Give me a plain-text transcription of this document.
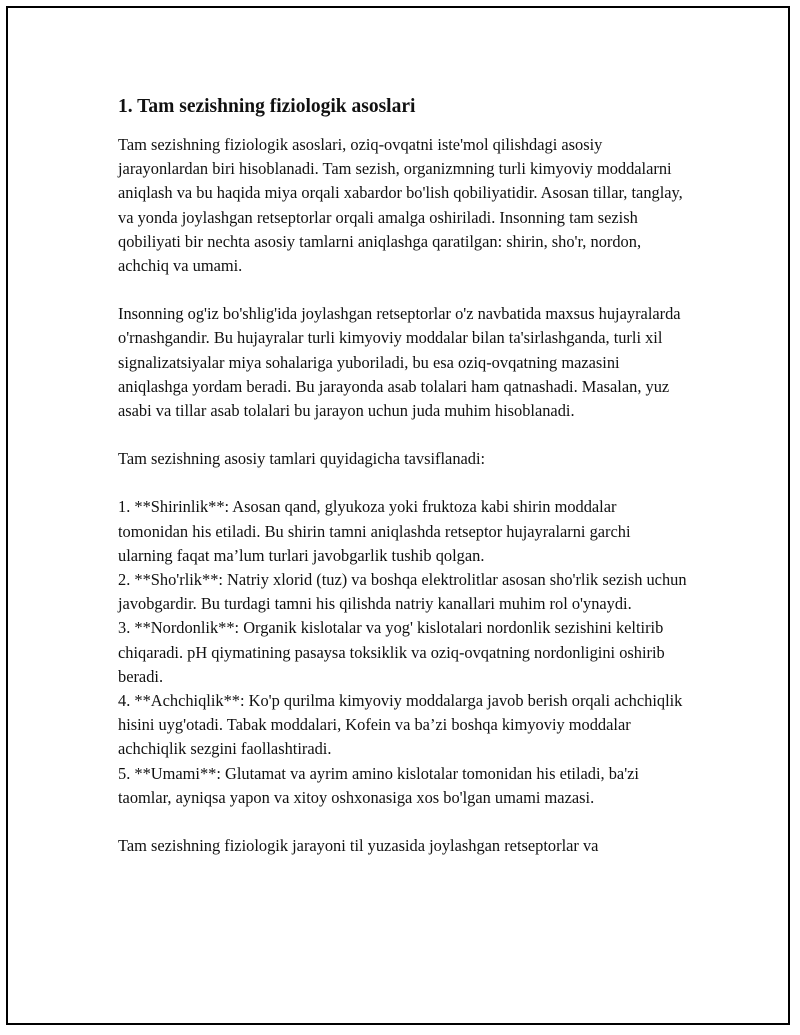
1. Tam sezishning fiziologik asoslari

Tam sezishning fiziologik asoslari, oziq-ovqatni iste'mol qilishdagi asosiy jarayonlardan biri hisoblanadi. Tam sezish, organizmning turli kimyoviy moddalarni aniqlash va bu haqida miya orqali xabardor bo'lish qobiliyatidir. Asosan tillar, tanglay, va yonda joylashgan retseptorlar orqali amalga oshiriladi. Insonning tam sezish qobiliyati bir nechta asosiy tamlarni aniqlashga qaratilgan: shirin, sho'r, nordon, achchiq va umami.

Insonning og'iz bo'shlig'ida joylashgan retseptorlar o'z navbatida maxsus hujayralarda o'rnashgandir. Bu hujayralar turli kimyoviy moddalar bilan ta'sirlashganda, turli xil signalizatsiyalar miya sohalariga yuboriladi, bu esa oziq-ovqatning mazasini aniqlashga yordam beradi. Bu jarayonda asab tolalari ham qatnashadi. Masalan, yuz asabi va tillar asab tolalari bu jarayon uchun juda muhim hisoblanadi.

Tam sezishning asosiy tamlari quyidagicha tavsiflanadi:

1. **Shirinlik**: Asosan qand, glyukoza yoki fruktoza kabi shirin moddalar tomonidan his etiladi. Bu shirin tamni aniqlashda retseptor hujayralarni garchi ularning faqat ma’lum turlari javobgarlik tushib qolgan.
2. **Sho'rlik**: Natriy xlorid (tuz) va boshqa elektrolitlar asosan sho'rlik sezish uchun javobgardir. Bu turdagi tamni his qilishda natriy kanallari muhim rol o'ynaydi.
3. **Nordonlik**: Organik kislotalar va yog' kislotalari nordonlik sezishini keltirib chiqaradi. pH qiymatining pasaysa toksiklik va oziq-ovqatning nordonligini oshirib beradi.
4. **Achchiqlik**: Ko'p qurilma kimyoviy moddalarga javob berish orqali achchiqlik hisini uyg'otadi. Tabak moddalari, Kofein va ba’zi boshqa kimyoviy moddalar achchiqlik sezgini faollashtiradi.
5. **Umami**: Glutamat va ayrim amino kislotalar tomonidan his etiladi, ba'zi taomlar, ayniqsa yapon va xitoy oshxonasiga xos bo'lgan umami mazasi.

Tam sezishning fiziologik jarayoni til yuzasida joylashgan retseptorlar va
